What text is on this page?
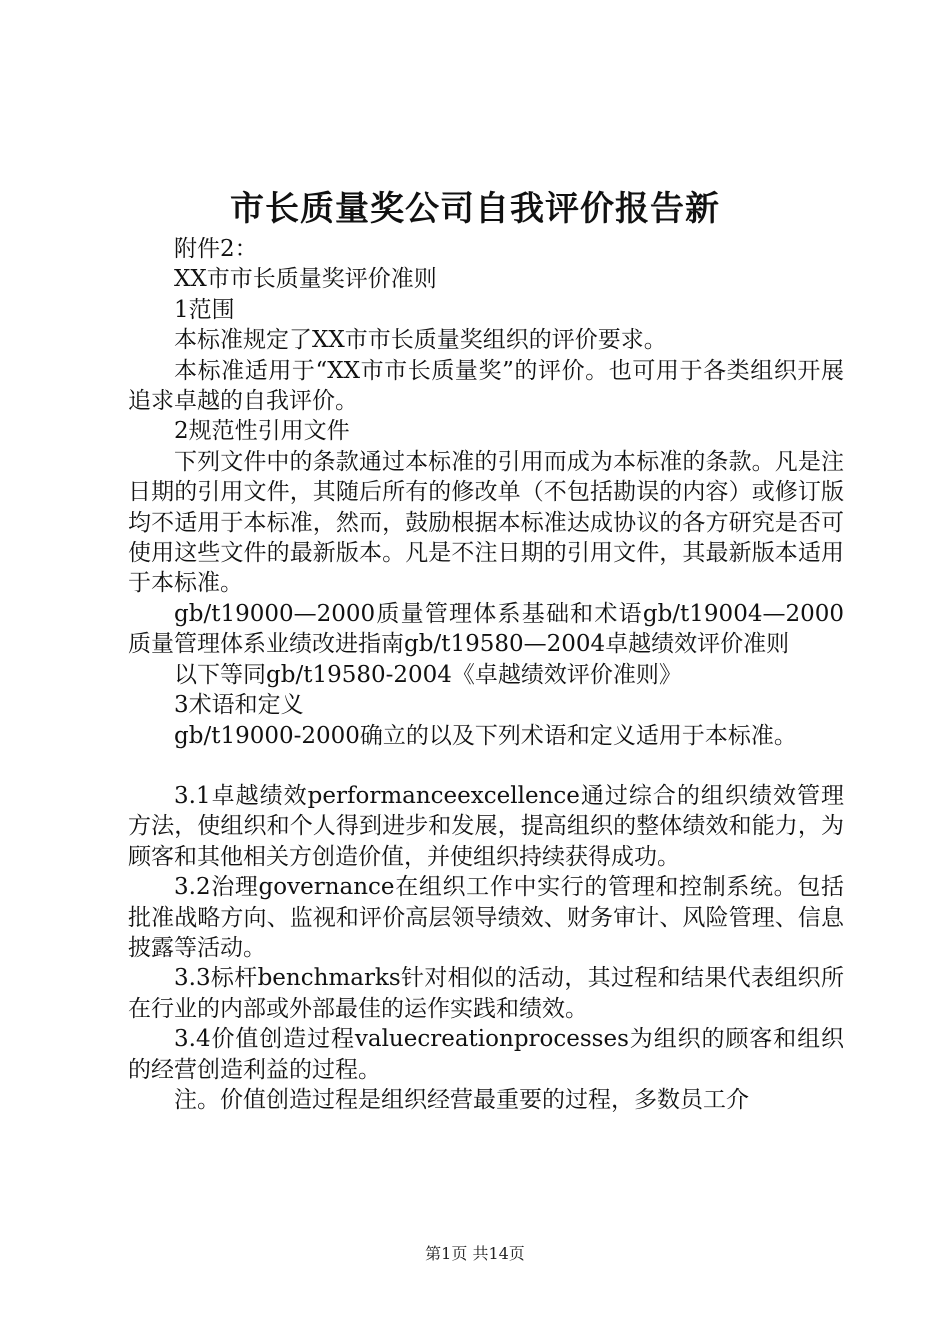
市长质量奖公司自我评价报告新

附件2：

XX市市长质量奖评价准则

1范围

本标准规定了XX市市长质量奖组织的评价要求。

本标准适用于“XX市市长质量奖”的评价。也可用于各类组织开展追求卓越的自我评价。

2规范性引用文件

下列文件中的条款通过本标准的引用而成为本标准的条款。凡是注日期的引用文件，其随后所有的修改单（不包括勘误的内容）或修订版均不适用于本标准，然而，鼓励根据本标准达成协议的各方研究是否可使用这些文件的最新版本。凡是不注日期的引用文件，其最新版本适用于本标准。

gb/t19000—2000质量管理体系基础和术语gb/t19004—2000质量管理体系业绩改进指南gb/t19580—2004卓越绩效评价准则

以下等同gb/t19580-2004《卓越绩效评价准则》

3术语和定义

gb/t19000-2000确立的以及下列术语和定义适用于本标准。

3.1卓越绩效performanceexcellence通过综合的组织绩效管理方法，使组织和个人得到进步和发展，提高组织的整体绩效和能力，为顾客和其他相关方创造价值，并使组织持续获得成功。

3.2治理governance在组织工作中实行的管理和控制系统。包括批准战略方向、监视和评价高层领导绩效、财务审计、风险管理、信息披露等活动。

3.3标杆benchmarks针对相似的活动，其过程和结果代表组织所在行业的内部或外部最佳的运作实践和绩效。

3.4价值创造过程valuecreationprocesses为组织的顾客和组织的经营创造利益的过程。

注。价值创造过程是组织经营最重要的过程，多数员工介

第1页 共14页
